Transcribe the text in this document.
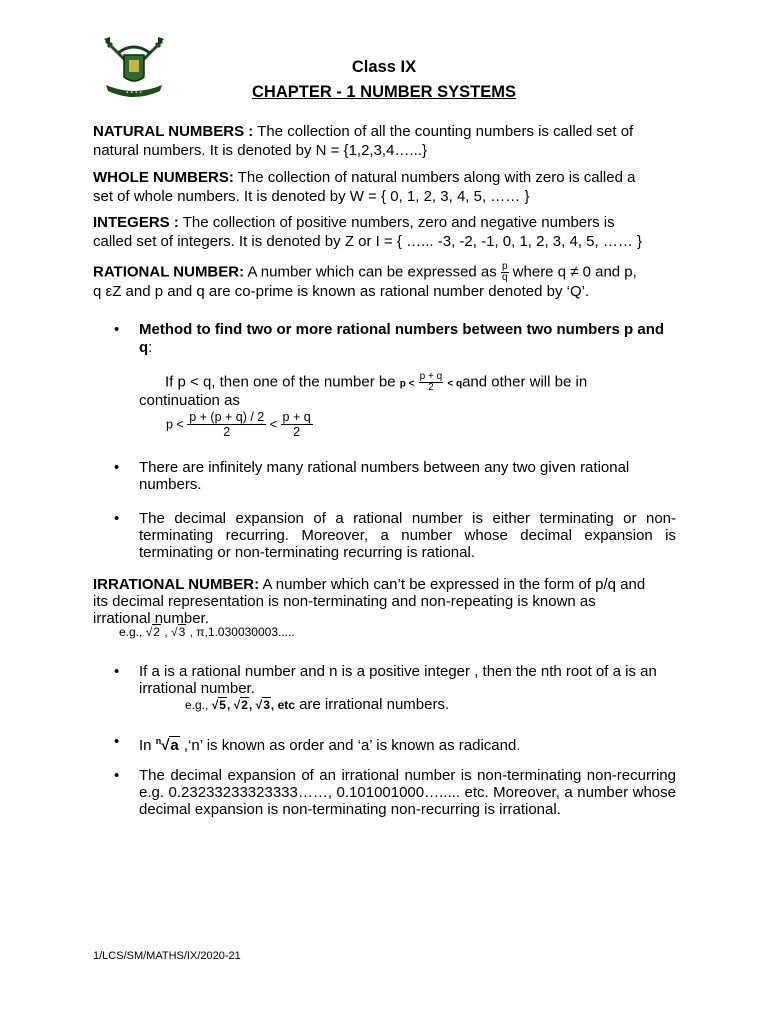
• • • •
Class IX
CHAPTER - 1 NUMBER SYSTEMS
NATURAL NUMBERS : The collection of all the counting numbers is called set of
natural numbers. It is denoted by N = {1,2,3,4…...}
WHOLE NUMBERS: The collection of natural numbers along with zero is called a
set of whole numbers. It is denoted by W = { 0, 1, 2, 3, 4, 5, …… }
INTEGERS : The collection of positive numbers, zero and negative numbers is
called set of integers. It is denoted by Z or I = { …... -3, -2, -1, 0, 1, 2, 3, 4, 5, …… }
RATIONAL NUMBER: A number which can be expressed as $\frac{p}{q}$ where q ≠ 0 and p,
q εZ and p and q are co-prime is known as rational number denoted by ‘Q’.
• Method to find two or more rational numbers between two numbers p and q:
If p < q, then one of the number be $p < \frac{p + q}{2}$ < qand other will be in
continuation as
$p < \frac{p + (p + q) / 2}{2} < \frac{p + q}{2}$
• There are infinitely many rational numbers between any two given rational numbers.
• The decimal expansion of a rational number is either terminating or non-terminating recurring. Moreover, a number whose decimal expansion is terminating or non-terminating recurring is rational.
IRRATIONAL NUMBER: A number which can’t be expressed in the form of p/q and
its decimal representation is non-terminating and non-repeating is known as
irrational number.
e.g., √2 , √3 , π,1.030030003.....
• If a is a rational number and n is a positive integer , then the nth root of a is an irrational number.
e.g., √5, √2, √3, etc are irrational numbers.
• In $^n$√a ,‘n’ is known as order and ‘a’ is known as radicand.
• The decimal expansion of an irrational number is non-terminating non-recurring e.g. 0.23233233323333……, 0.101001000…..... etc. Moreover, a number whose decimal expansion is non-terminating non-recurring is irrational.
1/LCS/SM/MATHS/IX/2020-21
